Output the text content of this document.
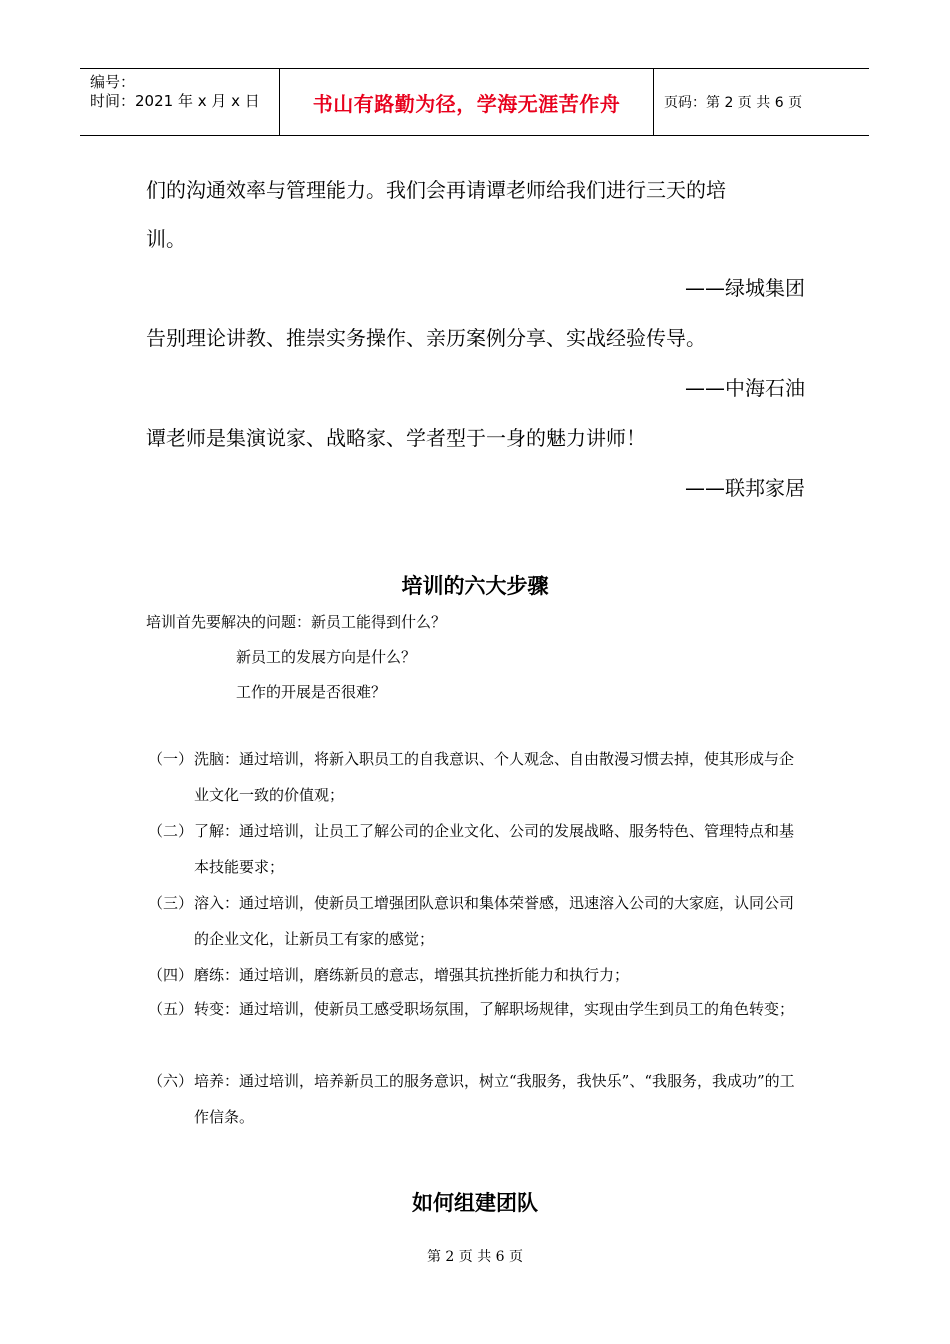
编号：
时间：2021 年 x 月 x 日	书山有路勤为径，学海无涯苦作舟	页码：第 2 页 共 6 页
们的沟通效率与管理能力。我们会再请谭老师给我们进行三天的培
训。
——绿城集团
告别理论讲教、推崇实务操作、亲历案例分享、实战经验传导。
——中海石油
谭老师是集演说家、战略家、学者型于一身的魅力讲师！
——联邦家居
培训的六大步骤
培训首先要解决的问题：新员工能得到什么？
新员工的发展方向是什么？
工作的开展是否很难？
（一） 洗脑：通过培训，将新入职员工的自我意识、个人观念、自由散漫习惯去掉，使其形成与企业文化一致的价值观；
（二） 了解：通过培训，让员工了解公司的企业文化、公司的发展战略、服务特色、管理特点和基本技能要求；
（三） 溶入：通过培训，使新员工增强团队意识和集体荣誉感，迅速溶入公司的大家庭，认同公司的企业文化，让新员工有家的感觉；
（四） 磨练：通过培训，磨练新员的意志，增强其抗挫折能力和执行力；
（五） 转变：通过培训，使新员工感受职场氛围，了解职场规律，实现由学生到员工的角色转变；
（六） 培养：通过培训，培养新员工的服务意识，树立“我服务，我快乐”、“我服务，我成功”的工作信条。
如何组建团队
第 2 页 共 6 页
